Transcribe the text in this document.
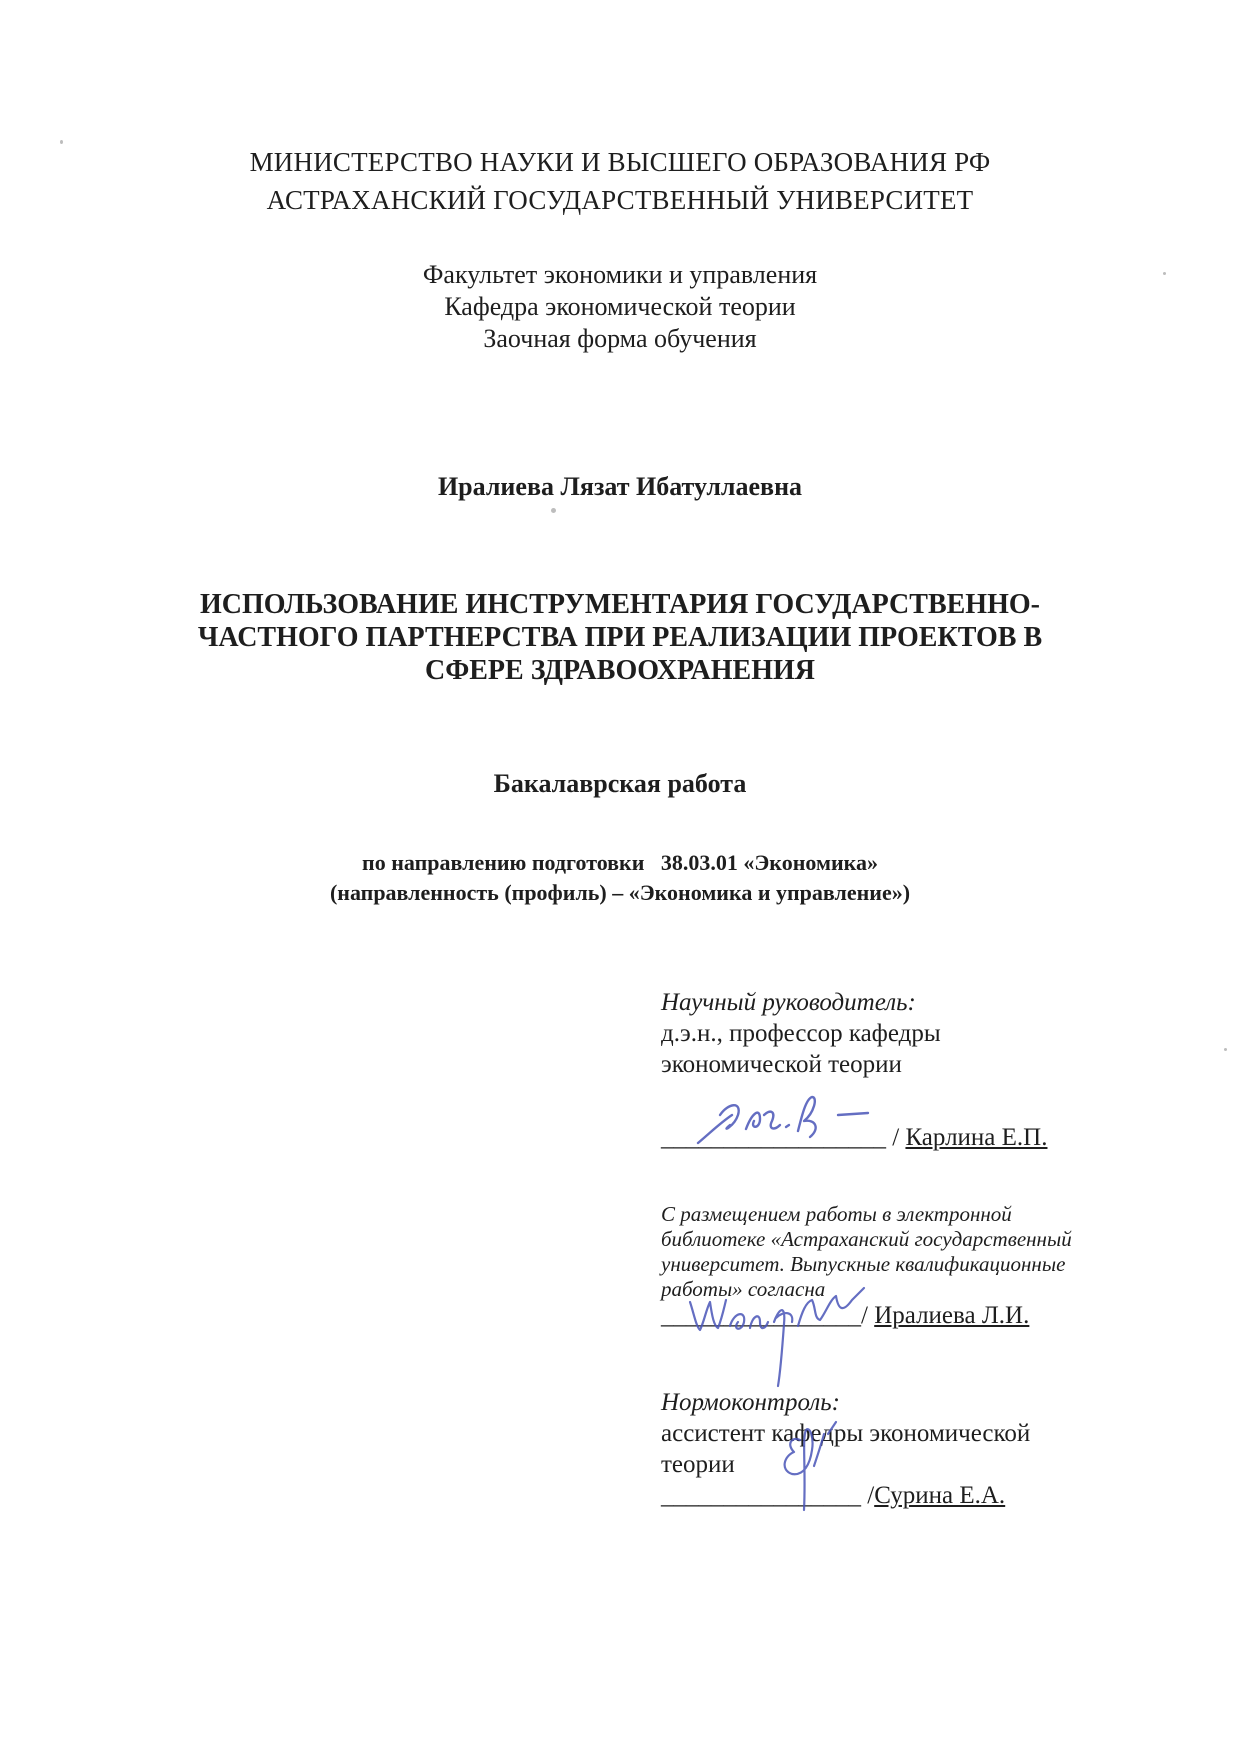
МИНИСТЕРСТВО НАУКИ И ВЫСШЕГО ОБРАЗОВАНИЯ РФ
АСТРАХАНСКИЙ ГОСУДАРСТВЕННЫЙ УНИВЕРСИТЕТ
Факультет экономики и управления
Кафедра экономической теории
Заочная форма обучения
Иралиева Лязат Ибатуллаевна
ИСПОЛЬЗОВАНИЕ ИНСТРУМЕНТАРИЯ ГОСУДАРСТВЕННО-
ЧАСТНОГО ПАРТНЕРСТВА ПРИ РЕАЛИЗАЦИИ ПРОЕКТОВ В
СФЕРЕ ЗДРАВООХРАНЕНИЯ
Бакалаврская работа
по направлению подготовки   38.03.01 «Экономика»
(направленность (профиль) – «Экономика и управление»)
Научный руководитель:
д.э.н., профессор кафедры
экономической теории
__________________ / Карлина Е.П.
С размещением работы в электронной
библиотеке «Астраханский государственный
университет. Выпускные квалификационные
работы» согласна
________________/ Иралиева Л.И.
Нормоконтроль:
ассистент кафедры экономической
теории
________________ /Сурина Е.А.
